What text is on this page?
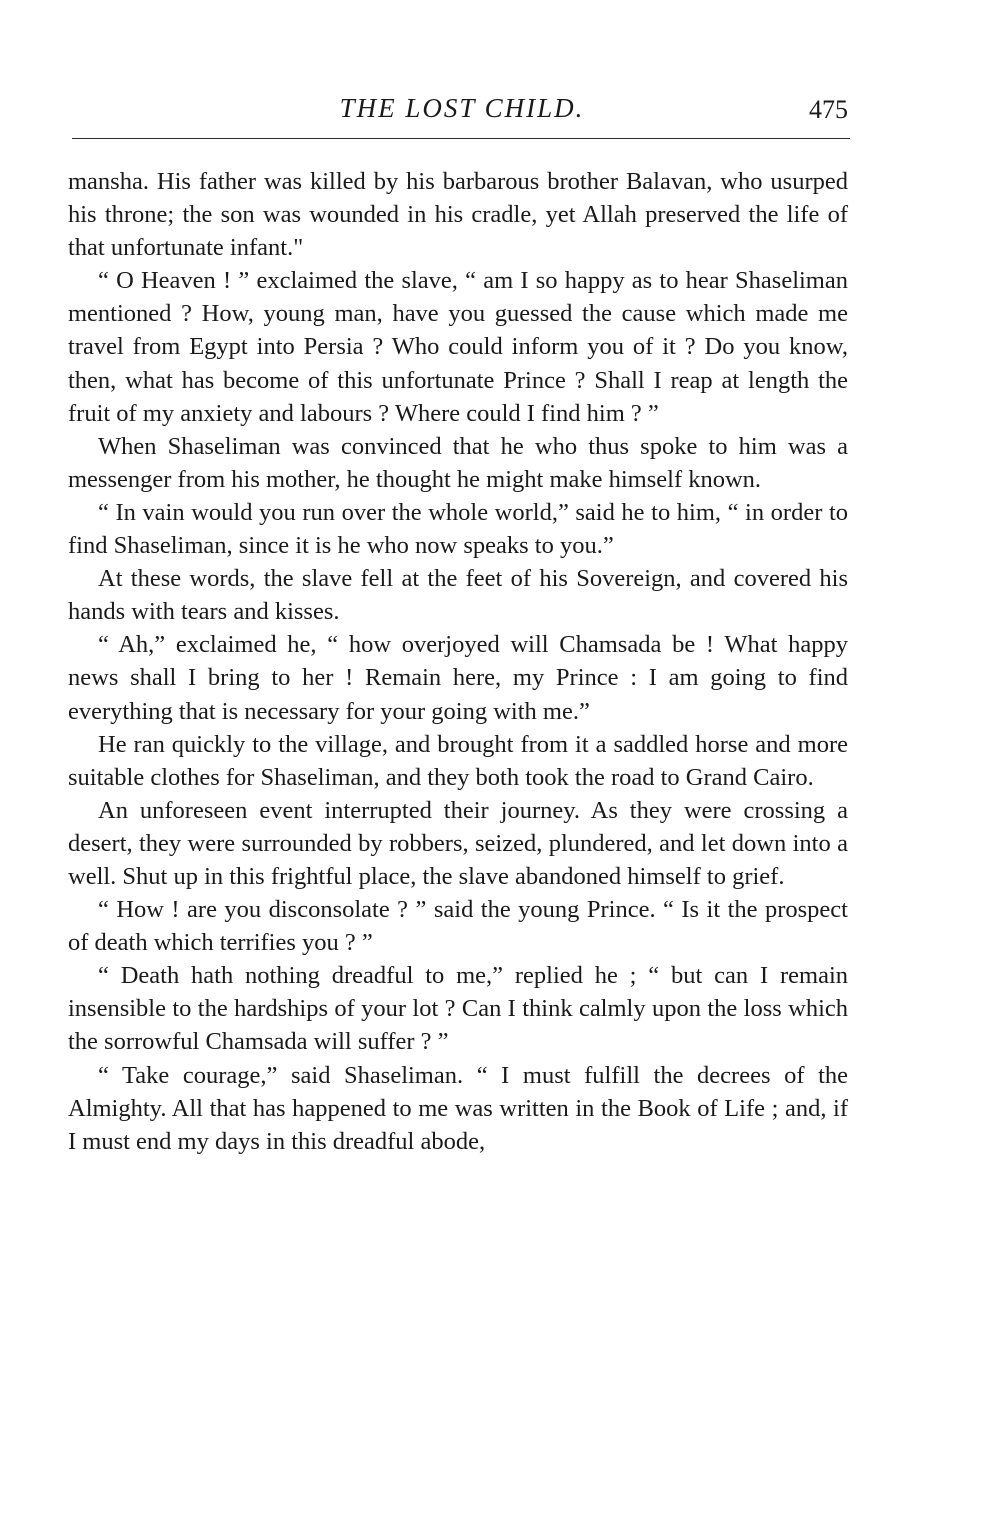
THE LOST CHILD.	475

mansha. His father was killed by his barbarous brother Balavan, who usurped his throne; the son was wounded in his cradle, yet Allah preserved the life of that unfortunate infant."

“ O Heaven ! ” exclaimed the slave, “ am I so happy as to hear Shaseliman mentioned ? How, young man, have you guessed the cause which made me travel from Egypt into Persia ? Who could inform you of it ? Do you know, then, what has become of this unfortunate Prince ? Shall I reap at length the fruit of my anxiety and labours ? Where could I find him ? ”

When Shaseliman was convinced that he who thus spoke to him was a messenger from his mother, he thought he might make himself known.

“ In vain would you run over the whole world,” said he to him, “ in order to find Shaseliman, since it is he who now speaks to you.”

At these words, the slave fell at the feet of his Sovereign, and covered his hands with tears and kisses.

“ Ah,” exclaimed he, “ how overjoyed will Chamsada be ! What happy news shall I bring to her ! Remain here, my Prince : I am going to find everything that is necessary for your going with me.”

He ran quickly to the village, and brought from it a saddled horse and more suitable clothes for Shaseliman, and they both took the road to Grand Cairo.

An unforeseen event interrupted their journey. As they were crossing a desert, they were surrounded by robbers, seized, plundered, and let down into a well. Shut up in this frightful place, the slave abandoned himself to grief.

“ How ! are you disconsolate ? ” said the young Prince. “ Is it the prospect of death which terrifies you ? ”

“ Death hath nothing dreadful to me,” replied he ; “ but can I remain insensible to the hardships of your lot ? Can I think calmly upon the loss which the sorrowful Chamsada will suffer ? ”

“ Take courage,” said Shaseliman. “ I must fulfill the decrees of the Almighty. All that has happened to me was written in the Book of Life ; and, if I must end my days in this dreadful abode,
